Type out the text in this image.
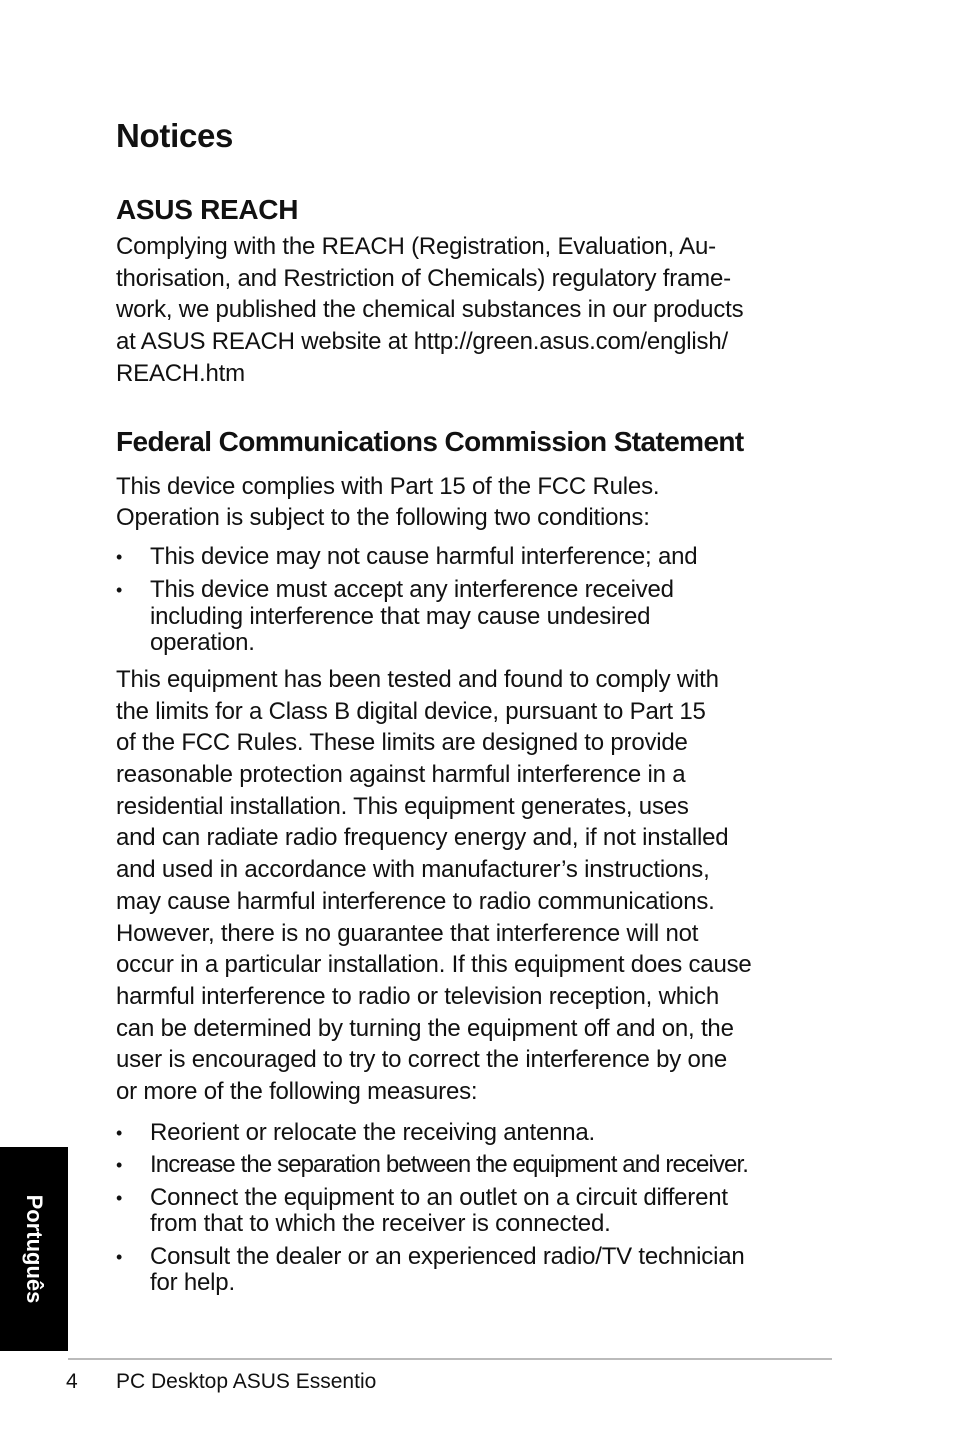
Notices
ASUS REACH

Complying with the REACH (Registration, Evaluation, Au-
thorisation, and Restriction of Chemicals) regulatory frame-
work, we published the chemical substances in our products
at ASUS REACH website at http://green.asus.com/english/
REACH.htm

Federal Communications Commission Statement

This device complies with Part 15 of the FCC Rules.
Operation is subject to the following two conditions:

• This device may not cause harmful interference; and
• This device must accept any interference received
including interference that may cause undesired
operation.

This equipment has been tested and found to comply with
the limits for a Class B digital device, pursuant to Part 15
of the FCC Rules. These limits are designed to provide
reasonable protection against harmful interference in a
residential installation. This equipment generates, uses
and can radiate radio frequency energy and, if not installed
and used in accordance with manufacturer’s instructions,
may cause harmful interference to radio communications.
However, there is no guarantee that interference will not
occur in a particular installation. If this equipment does cause
harmful interference to radio or television reception, which
can be determined by turning the equipment off and on, the
user is encouraged to try to correct the interference by one
or more of the following measures:

• Reorient or relocate the receiving antenna.
• Increase the separation between the equipment and receiver.
• Connect the equipment to an outlet on a circuit different
from that to which the receiver is connected.
• Consult the dealer or an experienced radio/TV technician
for help.
Português
4 PC Desktop ASUS Essentio
